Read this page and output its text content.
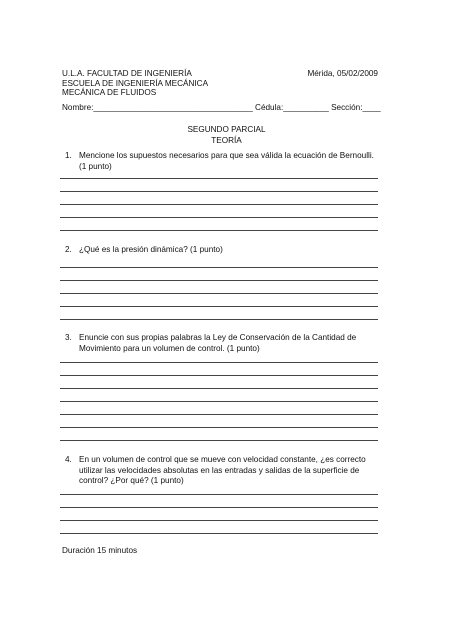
U.L.A. FACULTAD DE INGENIERÍA
ESCUELA DE INGENIERÍA MECÁNICA
MECÁNICA DE FLUIDOS
Mérida, 05/02/2009
Nombre:___________________________________ Cédula:__________ Sección:____
SEGUNDO PARCIAL
TEORÍA
1. Mencione los supuestos necesarios para que sea válida la ecuación de Bernoulli.
(1 punto)
2. ¿Qué es la presión dinámica? (1 punto)
3. Enuncie con sus propias palabras la Ley de Conservación de la Cantidad de
Movimiento para un volumen de control. (1 punto)
4. En un volumen de control que se mueve con velocidad constante, ¿es correcto
utilizar las velocidades absolutas en las entradas y salidas de la superficie de
control? ¿Por qué? (1 punto)
Duración 15 minutos
